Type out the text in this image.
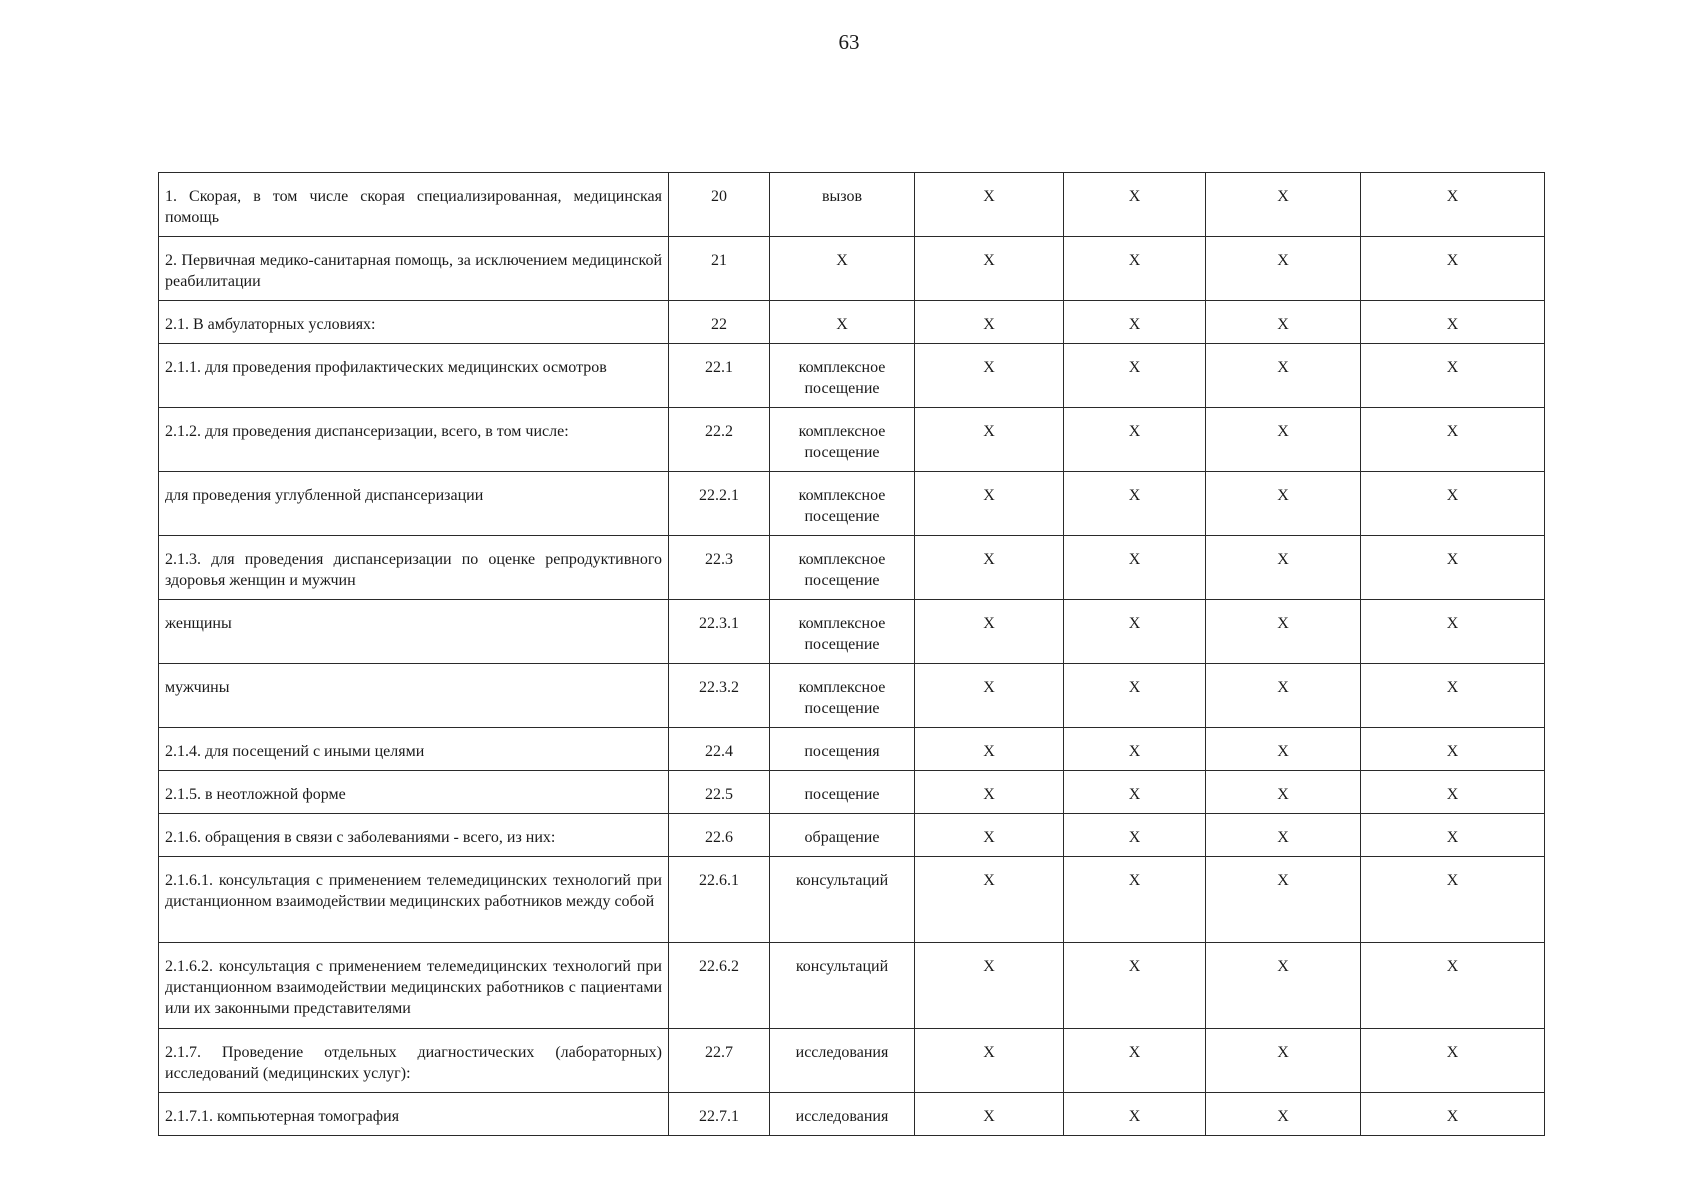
63
1. Скорая, в том числе скорая специализированная, медицинская помощь	20	вызов	X	X	X	X
2. Первичная медико-санитарная помощь, за исключением медицинской реабилитации	21	X	X	X	X	X
2.1. В амбулаторных условиях:	22	X	X	X	X	X
2.1.1. для проведения профилактических медицинских осмотров	22.1	комплексное посещение	X	X	X	X
2.1.2. для проведения диспансеризации, всего, в том числе:	22.2	комплексное посещение	X	X	X	X
для проведения углубленной диспансеризации	22.2.1	комплексное посещение	X	X	X	X
2.1.3. для проведения диспансеризации по оценке репродуктивного здоровья женщин и мужчин	22.3	комплексное посещение	X	X	X	X
женщины	22.3.1	комплексное посещение	X	X	X	X
мужчины	22.3.2	комплексное посещение	X	X	X	X
2.1.4. для посещений с иными целями	22.4	посещения	X	X	X	X
2.1.5. в неотложной форме	22.5	посещение	X	X	X	X
2.1.6. обращения в связи с заболеваниями - всего, из них:	22.6	обращение	X	X	X	X
2.1.6.1. консультация с применением телемедицинских технологий при дистанционном взаимодействии медицинских работников между собой	22.6.1	консультаций	X	X	X	X
2.1.6.2. консультация с применением телемедицинских технологий при дистанционном взаимодействии медицинских работников с пациентами или их законными представителями	22.6.2	консультаций	X	X	X	X
2.1.7. Проведение отдельных диагностических (лабораторных) исследований (медицинских услуг):	22.7	исследования	X	X	X	X
2.1.7.1. компьютерная томография	22.7.1	исследования	X	X	X	X
